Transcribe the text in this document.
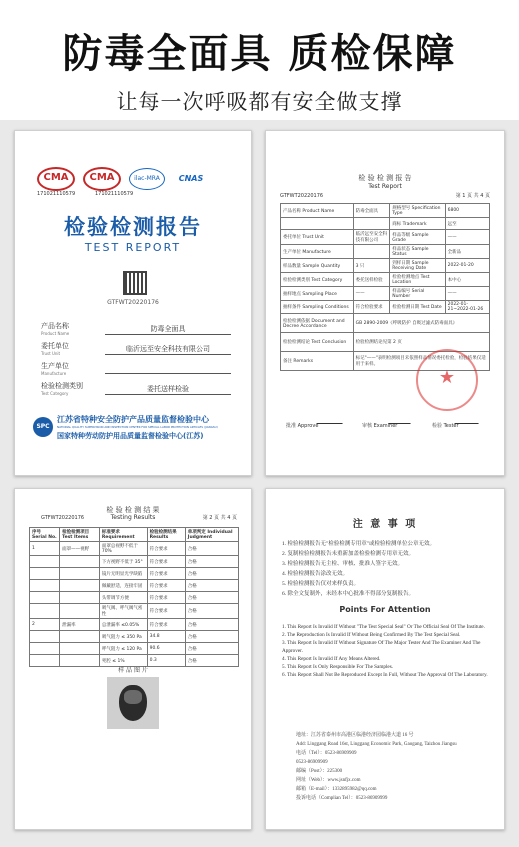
防毒全面具 质检保障
让每一次呼吸都有安全做支撑
CMA	CMA	ilac-MRA	CNAS
171021110579	171021110579
检验检测报告
TEST REPORT
GTFWT20220176
产品名称
Product Name
防毒全面具
委托单位
Trust Unit
临沂远至安全科技有限公司
生产单位
Manufacture
检验检测类别
Test Category
委托送样检验
SPC
江苏省特种安全防护产品质量监督检验中心
NATIONAL QUALITY SUPERVISION AND INSPECTION CENTER FOR SPECIAL LABOR PROTECTION ARTICLES (JIANGSU)
国家特种劳动防护用品质量监督检验中心(江苏)
检 验 检 测 报 告
Test Report
GTFWT20220176	第 1 页 共 4 页
产品名称 Product Name	防毒全面具	规格型号 Specification Type	6800
		商标 Trademark	远至
委托单位 Trust Unit	临沂远至安全科技有限公司	样品等级 Sample Grade	——
生产单位 Manufacture		样品状态 Sample Status	全新品
样品数量 Sample Quantity	3 只	到样日期 Sample Receiving Date	2022-01-20
检验检测类别 Test Category	委托送样检验	检验检测地点 Test Location	本中心
抽样地点 Sampling Place	——	样品编号 Serial Number	——
抽样条件 Sampling Conditions	符合检验要求	检验检测日期 Test Date	2022-01-21~2022-01-26
检验检测依据 Document and Decree Accordance	GB 2890-2009《呼吸防护 自吸过滤式防毒面具》		
检验检测结论 Test Conclusion	检验检测结论见第 2 页		
备注 Remarks	标记"——"表明检测项目未依照样品情况委托检验，检验结果仅适用于来样。		
★
批准 Approve	审核 Examiner	检验 Tester
GTFWT20220176
检 验 检 测 结 果
Testing Results	第 2 页 共 4 页
序号 Serial No.	检验检测项目 Test Items	标准要求 Requirement	检验检测结果 Results	单项判定 Individual Judgment
1	面罩——视野	面罩总视野不低于 70%	符合要求	合格
		下方视野不低于 35°	符合要求	合格
		镜片无明显光学缺陷	符合要求	合格
		佩戴舒适，连接牢固	符合要求	合格
		头带调节方便	符合要求	合格
		吸气阀、呼气阀气密性	符合要求	合格
2	泄漏率	总泄漏率 ≤0.05%	符合要求	合格
		吸气阻力 ≤ 350 Pa	34.8	合格
		呼气阻力 ≤ 120 Pa	90.6	合格
		死腔 ≤ 1%	0.3	合格
样 品 图 片
注 意 事 项
1. 检验检测报告无"检验检测专用章"或检验检测单位公章无效。
2. 复制检验检测报告未重新加盖检验检测专用章无效。
3. 检验检测报告无主检、审核、批准人签字无效。
4. 检验检测报告涂改无效。
5. 检验检测报告仅对来样负责。
6. 除全文复制外，未经本中心批准不得部分复制报告。
Points For Attention
1. This Report Is Invalid If Without "The Test Special Seal" Or The Official Seal Of The Institute.
2. The Reproduction Is Invalid If Without Being Confirmed By The Test Special Seal.
3. This Report Is Invalid If Without Signature Of The Major Tester And The Examiner And The Approver.
4. This Report Is Invalid If Any Means Altered.
5. This Report Is Only Responsible For The Samples.
6. This Report Shall Not Be Reproduced Except In Full, Without The Approval Of The Laboratory.
地址：江苏省泰州市高港区临港经济园临港大道 16 号
Add: Linggang Road 16st, Linggang Economic Park, Gaogang, Taizhou Jiangsu
电话（Tel）：0523-86909909
0523-86909909
邮编（Post）：225300
网址（Web）：www.jsnfjx.com
邮箱（E-mail）：1332895982@qq.com
投诉电话（Complian Tel）：0523-86909999
